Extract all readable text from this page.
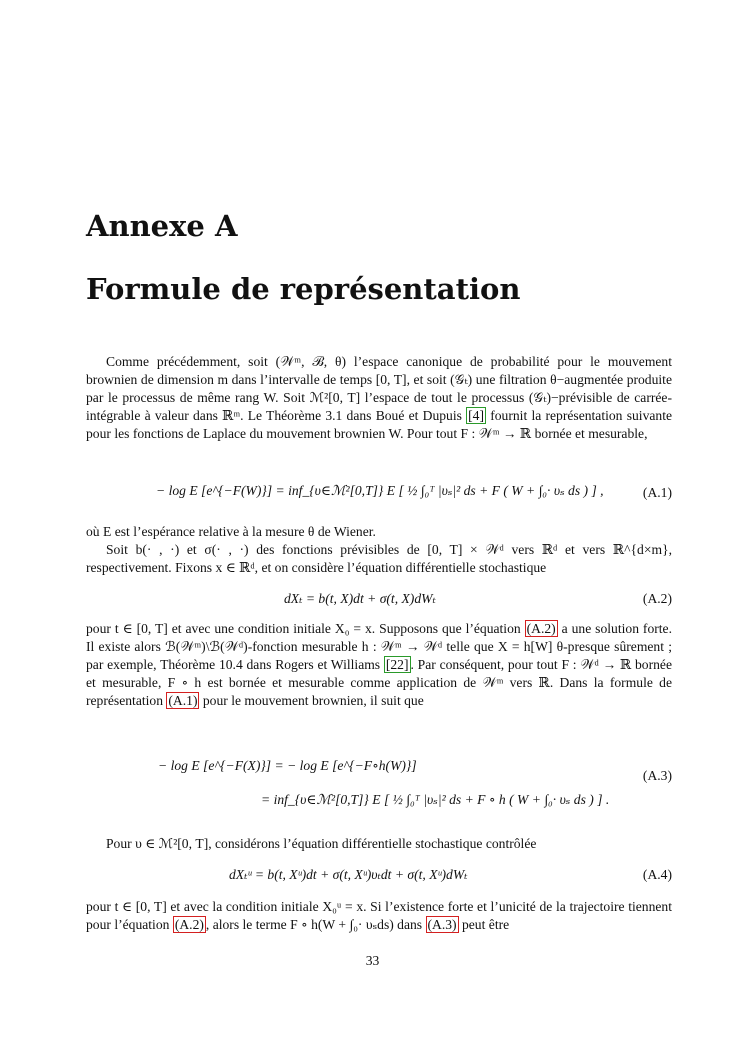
Annexe A
Formule de représentation

Comme précédemment, soit (𝒲ᵐ, ℬ, θ) l’espace canonique de probabilité pour le mouvement brownien de dimension m dans l’intervalle de temps [0, T], et soit (𝒢ₜ) une filtration θ−augmentée produite par le processus de même rang W. Soit ℳ²[0, T] l’espace de tout le processus (𝒢ₜ)−prévisible de carrée-intégrable à valeur dans ℝᵐ. Le Théorème 3.1 dans Boué et Dupuis [4] fournit la représentation suivante pour les fonctions de Laplace du mouvement brownien W. Pour tout F : 𝒲ᵐ → ℝ bornée et mesurable,

− log E [e^{−F(W)}] = inf_{υ∈ℳ²[0,T]} E [ ½ ∫₀ᵀ |υₛ|² ds + F ( W + ∫₀· υₛ ds ) ] ,	(A.1)

où E est l’espérance relative à la mesure θ de Wiener.

Soit b(· , ·) et σ(· , ·) des fonctions prévisibles de [0, T] × 𝒲ᵈ vers ℝᵈ et vers ℝ^{d×m}, respectivement. Fixons x ∈ ℝᵈ, et on considère l’équation différentielle stochastique

dXₜ = b(t, X)dt + σ(t, X)dWₜ	(A.2)

pour t ∈ [0, T] et avec une condition initiale X₀ = x. Supposons que l’équation (A.2) a une solution forte. Il existe alors ℬ(𝒲ᵐ)\ℬ(𝒲ᵈ)-fonction mesurable h : 𝒲ᵐ → 𝒲ᵈ telle que X = h[W] θ-presque sûrement ; par exemple, Théorème 10.4 dans Rogers et Williams [22] . Par conséquent, pour tout F : 𝒲ᵈ → ℝ bornée et mesurable, F ∘ h est bornée et mesurable comme application de 𝒲ᵐ vers ℝ. Dans la formule de représentation (A.1) pour le mouvement brownien, il suit que

− log E [e^{−F(X)}] = − log E [e^{−F∘h(W)}]
= inf_{υ∈ℳ²[0,T]} E [ ½ ∫₀ᵀ |υₛ|² ds + F ∘ h ( W + ∫₀· υₛ ds ) ] .
(A.3)

Pour υ ∈ ℳ²[0, T], considérons l’équation différentielle stochastique contrôlée

dXₜᵘ = b(t, Xᵘ)dt + σ(t, Xᵘ)υₜdt + σ(t, Xᵘ)dWₜ	(A.4)

pour t ∈ [0, T] et avec la condition initiale X₀ᵘ = x. Si l’existence forte et l’unicité de la trajectoire tiennent pour l’équation (A.2) , alors le terme F ∘ h(W + ∫₀· υₛds) dans (A.3) peut être

33
